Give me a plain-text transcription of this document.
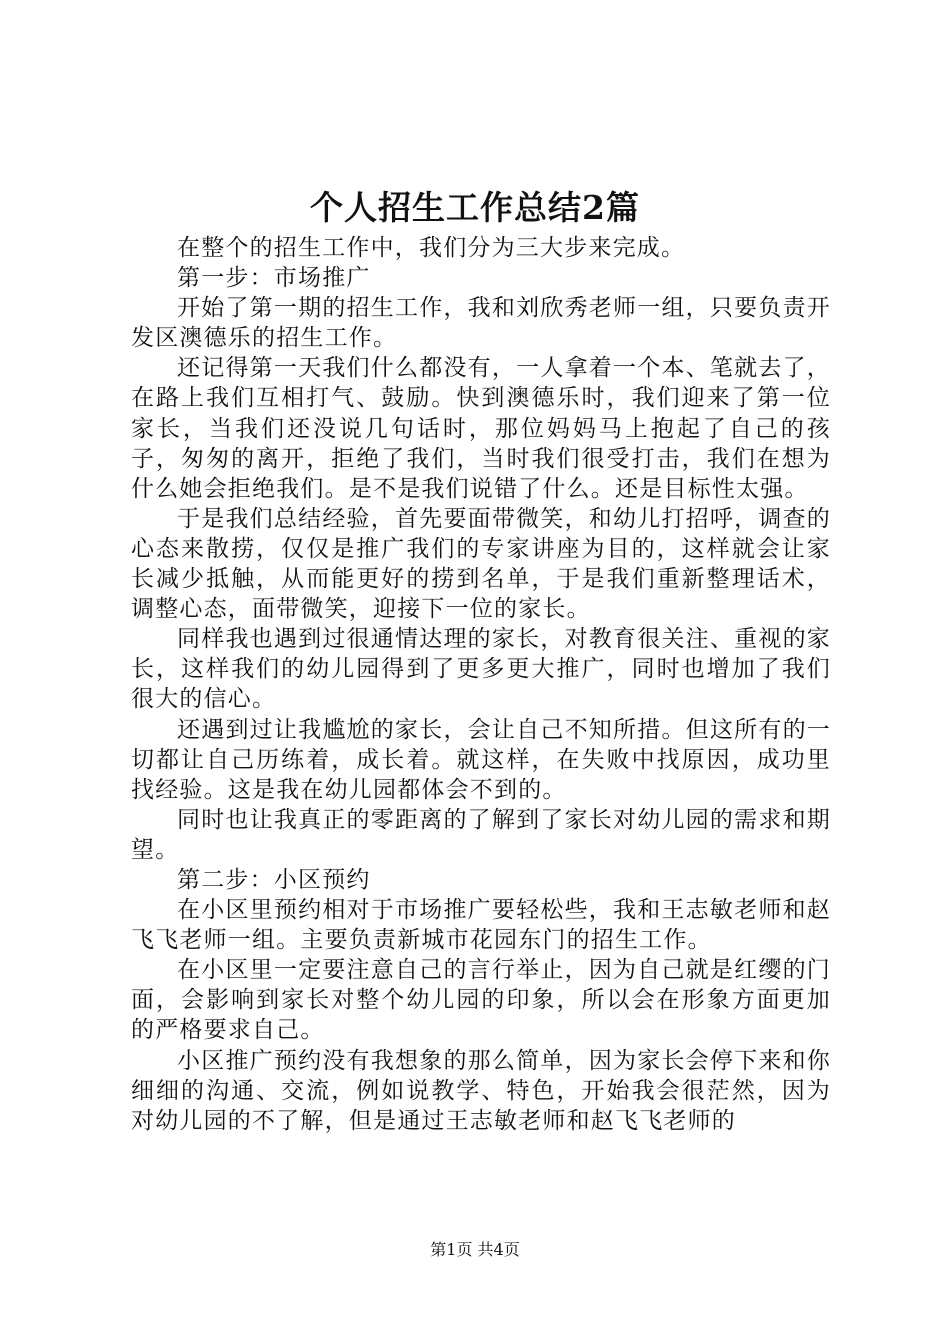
个人招生工作总结2篇

在整个的招生工作中，我们分为三大步来完成。

第一步：市场推广

开始了第一期的招生工作，我和刘欣秀老师一组，只要负责开发区澳德乐的招生工作。

还记得第一天我们什么都没有，一人拿着一个本、笔就去了，在路上我们互相打气、鼓励。快到澳德乐时，我们迎来了第一位家长，当我们还没说几句话时，那位妈妈马上抱起了自己的孩子，匆匆的离开，拒绝了我们，当时我们很受打击，我们在想为什么她会拒绝我们。是不是我们说错了什么。还是目标性太强。

于是我们总结经验，首先要面带微笑，和幼儿打招呼，调查的心态来散捞，仅仅是推广我们的专家讲座为目的，这样就会让家长减少抵触，从而能更好的捞到名单，于是我们重新整理话术，调整心态，面带微笑，迎接下一位的家长。

同样我也遇到过很通情达理的家长，对教育很关注、重视的家长，这样我们的幼儿园得到了更多更大推广，同时也增加了我们很大的信心。

还遇到过让我尴尬的家长，会让自己不知所措。但这所有的一切都让自己历练着，成长着。就这样，在失败中找原因，成功里找经验。这是我在幼儿园都体会不到的。

同时也让我真正的零距离的了解到了家长对幼儿园的需求和期望。

第二步：小区预约

在小区里预约相对于市场推广要轻松些，我和王志敏老师和赵飞飞老师一组。主要负责新城市花园东门的招生工作。

在小区里一定要注意自己的言行举止，因为自己就是红缨的门面，会影响到家长对整个幼儿园的印象，所以会在形象方面更加的严格要求自己。

小区推广预约没有我想象的那么简单，因为家长会停下来和你细细的沟通、交流，例如说教学、特色，开始我会很茫然，因为对幼儿园的不了解，但是通过王志敏老师和赵飞飞老师的

第1页 共4页
